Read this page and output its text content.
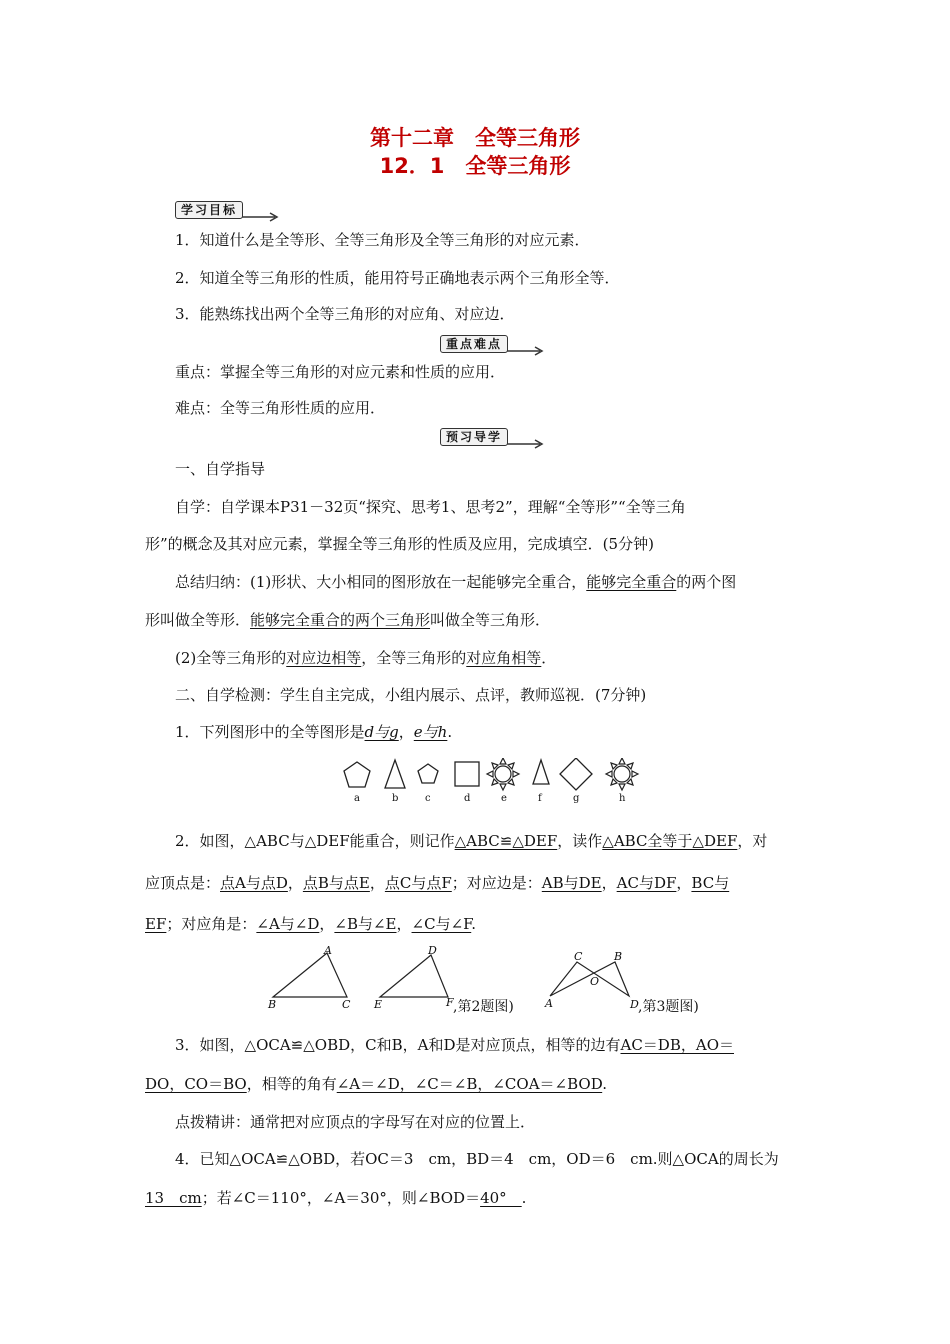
第十二章　全等三角形
12．1　全等三角形
学习目标
1．知道什么是全等形、全等三角形及全等三角形的对应元素．
2．知道全等三角形的性质，能用符号正确地表示两个三角形全等．
3．能熟练找出两个全等三角形的对应角、对应边．
重点难点
重点：掌握全等三角形的对应元素和性质的应用．
难点：全等三角形性质的应用．
预习导学
一、自学指导
自学：自学课本P31－32页“探究、思考1、思考2”，理解“全等形”“全等三角
形”的概念及其对应元素，掌握全等三角形的性质及应用，完成填空．(5分钟)
总结归纳：(1)形状、大小相同的图形放在一起能够完全重合，能够完全重合的两个图
形叫做全等形．能够完全重合的两个三角形叫做全等三角形．
(2)全等三角形的对应边相等，全等三角形的对应角相等．
二、自学检测：学生自主完成，小组内展示、点评，教师巡视．(7分钟)
1．下列图形中的全等图形是d与g，e与h.
a	b	c	d	e	f	g	h
2．如图，△ABC与△DEF能重合，则记作△ABC≌△DEF，读作△ABC全等于△DEF，对
应顶点是：点A与点D，点B与点E，点C与点F；对应边是：AB与DE，AC与DF，BC与
EF；对应角是：∠A与∠D，∠B与∠E，∠C与∠F.
A
B	C
D
E	F ,第2题图)
C	B
O
A	D ,第3题图)
3．如图，△OCA≌△OBD，C和B，A和D是对应顶点，相等的边有AC＝DB，AO＝
DO，CO＝BO，相等的角有∠A＝∠D，∠C＝∠B，∠COA＝∠BOD.
点拨精讲：通常把对应顶点的字母写在对应的位置上．
4．已知△OCA≌△OBD，若OC＝3　cm，BD＝4　cm，OD＝6　cm.则△OCA的周长为
13　cm；若∠C＝110°，∠A＝30°，则∠BOD＝40°　.
